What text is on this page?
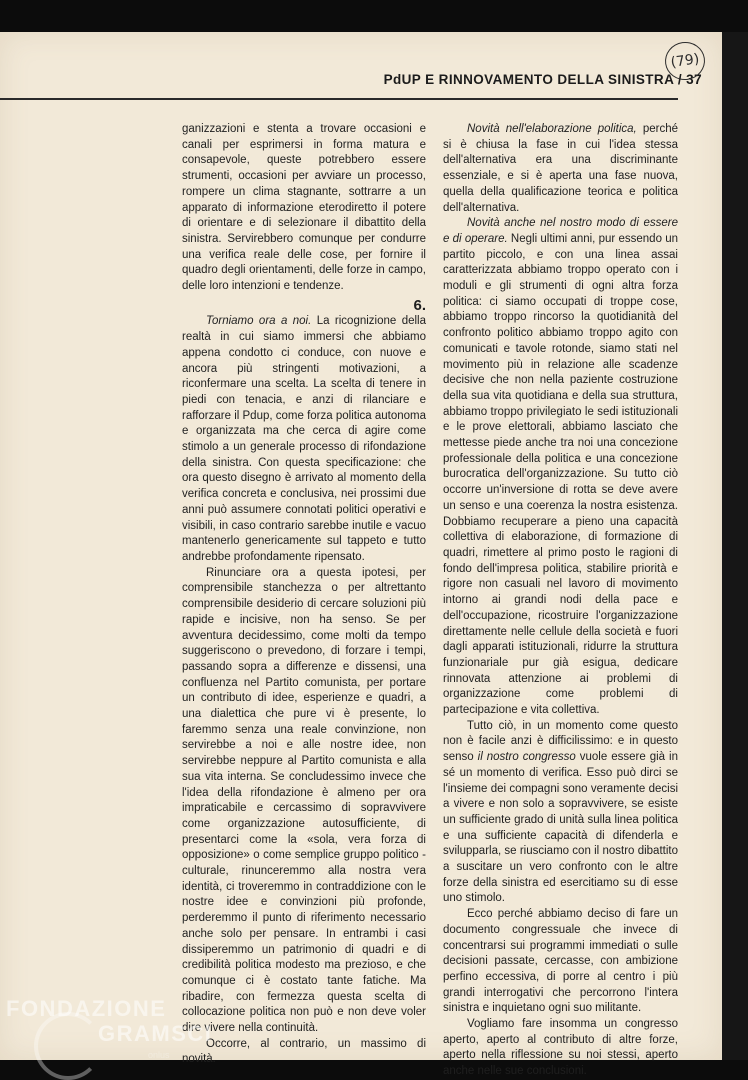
PdUP E RINNOVAMENTO DELLA SINISTRA / 37
(79)

ganizzazioni e stenta a trovare occasioni e canali per esprimersi in forma matura e consapevole, queste potrebbero essere strumenti, occasioni per avviare un processo, rompere un clima stagnante, sottrarre a un apparato di informazione eterodiretto il potere di orientare e di selezionare il dibattito della sinistra. Servirebbero comunque per condurre una verifica reale delle cose, per fornire il quadro degli orientamenti, delle forze in campo, delle loro intenzioni e tendenze.

6.

Torniamo ora a noi. La ricognizione della realtà in cui siamo immersi che abbiamo appena condotto ci conduce, con nuove e ancora più stringenti motivazioni, a riconfermare una scelta. La scelta di tenere in piedi con tenacia, e anzi di rilanciare e rafforzare il Pdup, come forza politica autonoma e organizzata ma che cerca di agire come stimolo a un generale processo di rifondazione della sinistra. Con questa specificazione: che ora questo disegno è arrivato al momento della verifica concreta e conclusiva, nei prossimi due anni può assumere connotati politici operativi e visibili, in caso contrario sarebbe inutile e vacuo mantenerlo genericamente sul tappeto e tutto andrebbe profondamente ripensato.

Rinunciare ora a questa ipotesi, per comprensibile stanchezza o per altrettanto comprensibile desiderio di cercare soluzioni più rapide e incisive, non ha senso. Se per avventura decidessimo, come molti da tempo suggeriscono o prevedono, di forzare i tempi, passando sopra a differenze e dissensi, una confluenza nel Partito comunista, per portare un contributo di idee, esperienze e quadri, a una dialettica che pure vi è presente, lo faremmo senza una reale convinzione, non servirebbe a noi e alle nostre idee, non servirebbe neppure al Partito comunista e alla sua vita interna. Se concludessimo invece che l'idea della rifondazione è almeno per ora impraticabile e cercassimo di sopravvivere come organizzazione autosufficiente, di presentarci come la «sola, vera forza di opposizione» o come semplice gruppo politico - culturale, rinunceremmo alla nostra vera identità, ci troveremmo in contraddizione con le nostre idee e convinzioni più profonde, perderemmo il punto di riferimento necessario anche solo per pensare. In entrambi i casi dissiperemmo un patrimonio di quadri e di credibilità politica modesto ma prezioso, e che comunque ci è costato tante fatiche. Ma ribadire, con fermezza questa scelta di collocazione politica non può e non deve voler dire vivere nella continuità.

Occorre, al contrario, un massimo di novità.

Novità nell'elaborazione politica, perché si è chiusa la fase in cui l'idea stessa dell'alternativa era una discriminante essenziale, e si è aperta una fase nuova, quella della qualificazione teorica e politica dell'alternativa.

Novità anche nel nostro modo di essere e di operare. Negli ultimi anni, pur essendo un partito piccolo, e con una linea assai caratterizzata abbiamo troppo operato con i moduli e gli strumenti di ogni altra forza politica: ci siamo occupati di troppe cose, abbiamo troppo rincorso la quotidianità del confronto politico abbiamo troppo agito con comunicati e tavole rotonde, siamo stati nel movimento più in relazione alle scadenze decisive che non nella paziente costruzione della sua vita quotidiana e della sua struttura, abbiamo troppo privilegiato le sedi istituzionali e le prove elettorali, abbiamo lasciato che mettesse piede anche tra noi una concezione professionale della politica e una concezione burocratica dell'organizzazione. Su tutto ciò occorre un'inversione di rotta se deve avere un senso e una coerenza la nostra esistenza. Dobbiamo recuperare a pieno una capacità collettiva di elaborazione, di formazione di quadri, rimettere al primo posto le ragioni di fondo dell'impresa politica, stabilire priorità e rigore non casuali nel lavoro di movimento intorno ai grandi nodi della pace e dell'occupazione, ricostruire l'organizzazione direttamente nelle cellule della società e fuori dagli apparati istituzionali, ridurre la struttura funzionariale pur già esigua, dedicare rinnovata attenzione ai problemi di organizzazione come problemi di partecipazione e vita collettiva.

Tutto ciò, in un momento come questo non è facile anzi è difficilissimo: e in questo senso il nostro congresso vuole essere già in sé un momento di verifica. Esso può dirci se l'insieme dei compagni sono veramente decisi a vivere e non solo a sopravvivere, se esiste un sufficiente grado di unità sulla linea politica e una sufficiente capacità di difenderla e svilupparla, se riusciamo con il nostro dibattito a suscitare un vero confronto con le altre forze della sinistra ed esercitiamo su di esse uno stimolo.

Ecco perché abbiamo deciso di fare un documento congressuale che invece di concentrarsi sui programmi immediati o sulle decisioni passate, cercasse, con ambizione perfino eccessiva, di porre al centro i più grandi interrogativi che percorrono l'intera sinistra e inquietano ogni suo militante.

Vogliamo fare insomma un congresso aperto, aperto al contributo di altre forze, aperto nella riflessione su noi stessi, aperto anche nelle sue conclusioni.

FONDAZIONE
GRAMSCI
onlus
